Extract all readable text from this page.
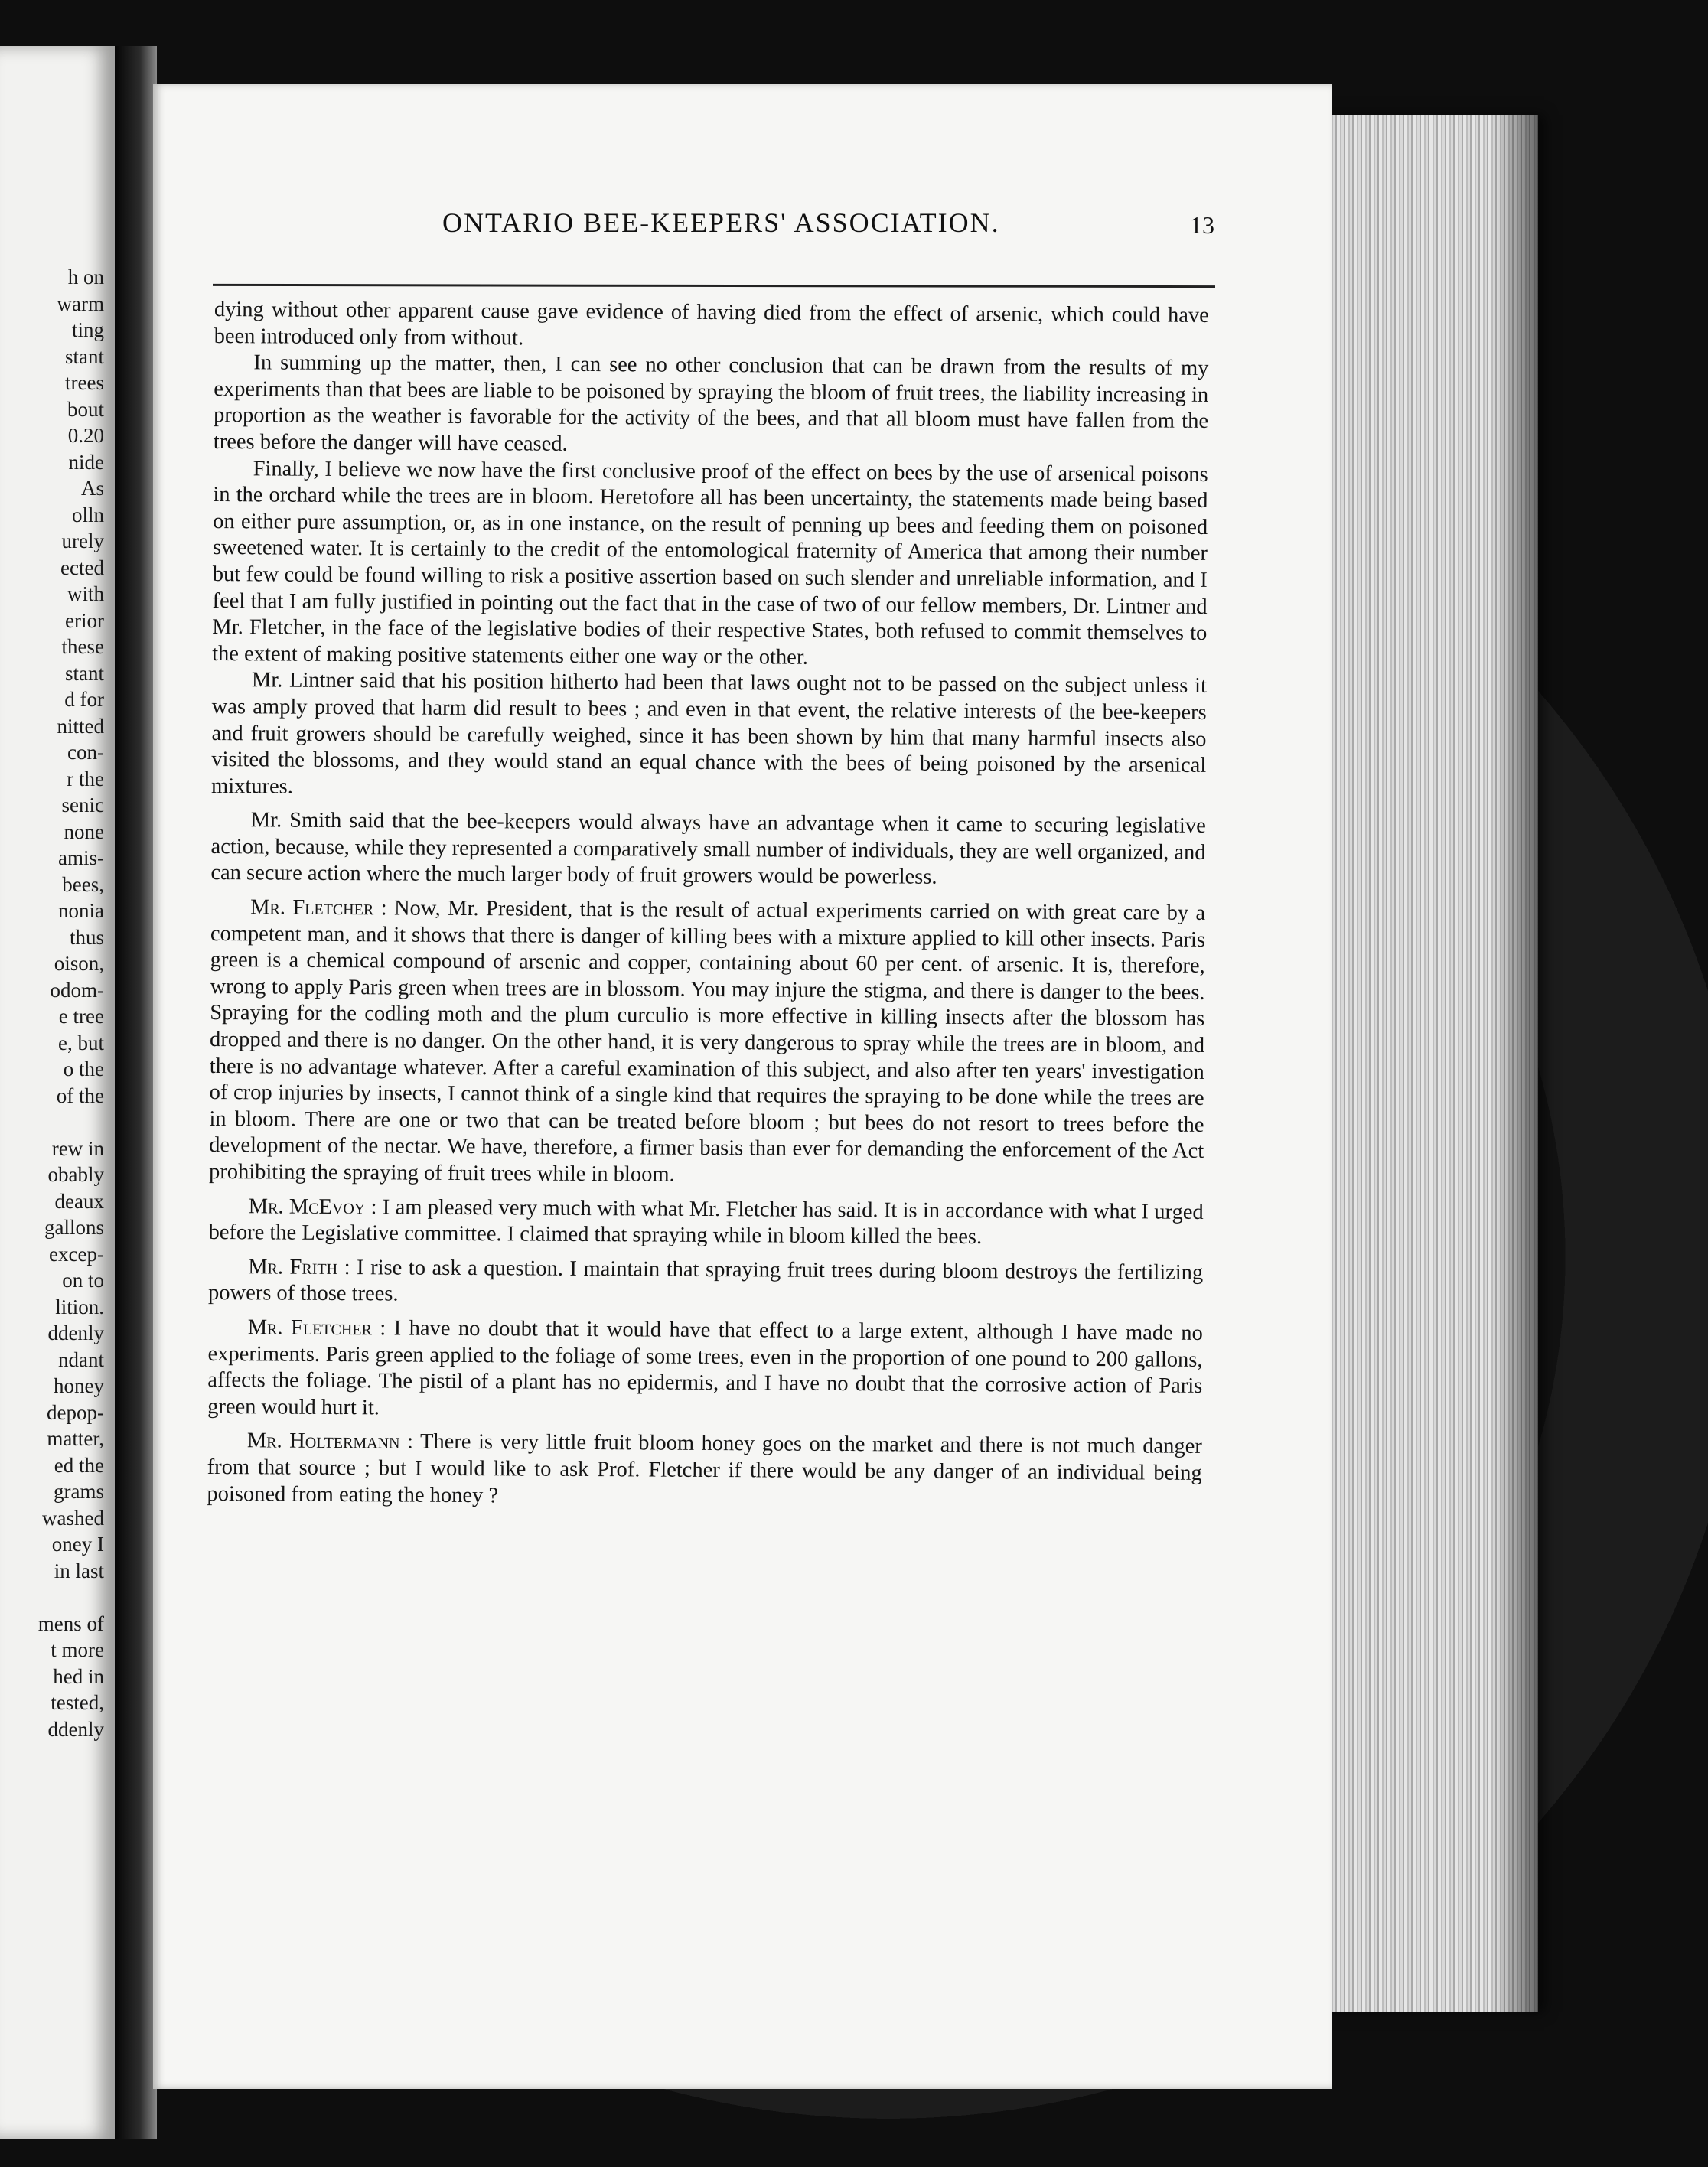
h on
warm
ting
stant
trees
bout
0.20
nide
As
olln
urely
ected
with
erior
these
stant
d for
nitted
con-
r the
senic
none
amis-
bees,
nonia
thus
oison,
odom-
e tree
e, but
o the
of the
rew in
obably
deaux
gallons
excep-
on to
lition.
ddenly
ndant
honey
depop-
matter,
ed the
grams
washed
oney I
in last
mens of
t more
hed in
tested,
ddenly
ONTARIO BEE-KEEPERS' ASSOCIATION.	13

dying without other apparent cause gave evidence of having died from the effect of arsenic, which could have been introduced only from without.

In summing up the matter, then, I can see no other conclusion that can be drawn from the results of my experiments than that bees are liable to be poisoned by spraying the bloom of fruit trees, the liability increasing in proportion as the weather is favorable for the activity of the bees, and that all bloom must have fallen from the trees before the danger will have ceased.

Finally, I believe we now have the first conclusive proof of the effect on bees by the use of arsenical poisons in the orchard while the trees are in bloom. Heretofore all has been uncertainty, the statements made being based on either pure assumption, or, as in one instance, on the result of penning up bees and feeding them on poisoned sweetened water. It is certainly to the credit of the entomological fraternity of America that among their number but few could be found willing to risk a positive assertion based on such slender and unreliable information, and I feel that I am fully justified in pointing out the fact that in the case of two of our fellow members, Dr. Lintner and Mr. Fletcher, in the face of the legislative bodies of their respective States, both refused to commit themselves to the extent of making positive statements either one way or the other.

Mr. Lintner said that his position hitherto had been that laws ought not to be passed on the subject unless it was amply proved that harm did result to bees ; and even in that event, the relative interests of the bee-keepers and fruit growers should be carefully weighed, since it has been shown by him that many harmful insects also visited the blossoms, and they would stand an equal chance with the bees of being poisoned by the arsenical mixtures.

Mr. Smith said that the bee-keepers would always have an advantage when it came to securing legislative action, because, while they represented a comparatively small number of individuals, they are well organized, and can secure action where the much larger body of fruit growers would be powerless.

Mr. Fletcher : Now, Mr. President, that is the result of actual experiments carried on with great care by a competent man, and it shows that there is danger of killing bees with a mixture applied to kill other insects. Paris green is a chemical compound of arsenic and copper, containing about 60 per cent. of arsenic. It is, therefore, wrong to apply Paris green when trees are in blossom. You may injure the stigma, and there is danger to the bees. Spraying for the codling moth and the plum curculio is more effective in killing insects after the blossom has dropped and there is no danger. On the other hand, it is very dangerous to spray while the trees are in bloom, and there is no advantage whatever. After a careful examination of this subject, and also after ten years' investigation of crop injuries by insects, I cannot think of a single kind that requires the spraying to be done while the trees are in bloom. There are one or two that can be treated before bloom ; but bees do not resort to trees before the development of the nectar. We have, therefore, a firmer basis than ever for demanding the enforcement of the Act prohibiting the spraying of fruit trees while in bloom.

Mr. McEvoy : I am pleased very much with what Mr. Fletcher has said. It is in accordance with what I urged before the Legislative committee. I claimed that spraying while in bloom killed the bees.

Mr. Frith : I rise to ask a question. I maintain that spraying fruit trees during bloom destroys the fertilizing powers of those trees.

Mr. Fletcher : I have no doubt that it would have that effect to a large extent, although I have made no experiments. Paris green applied to the foliage of some trees, even in the proportion of one pound to 200 gallons, affects the foliage. The pistil of a plant has no epidermis, and I have no doubt that the corrosive action of Paris green would hurt it.

Mr. Holtermann : There is very little fruit bloom honey goes on the market and there is not much danger from that source ; but I would like to ask Prof. Fletcher if there would be any danger of an individual being poisoned from eating the honey ?
